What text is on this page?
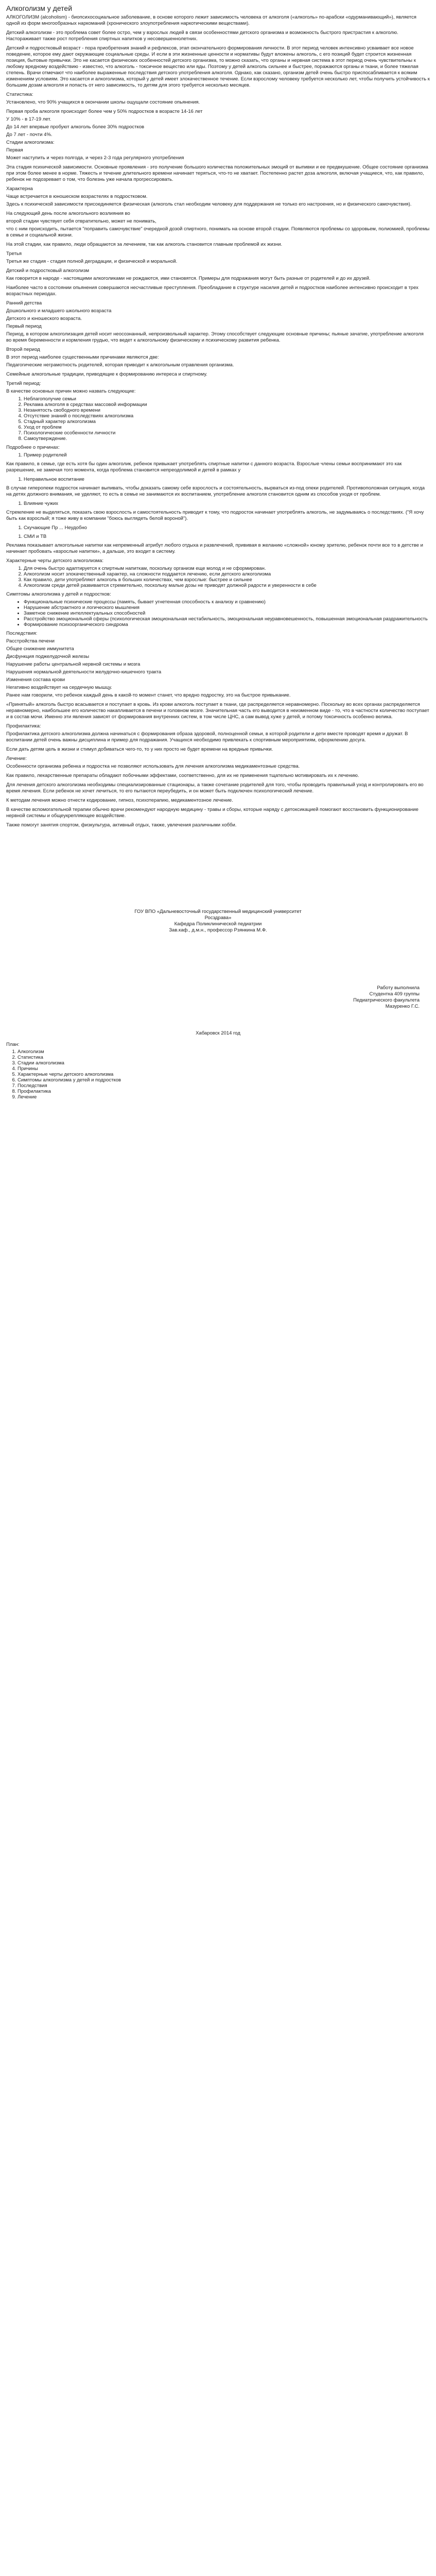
Алкоголизм у детей
АЛКОГОЛИЗМ (alcoholism) - биопсихосоциальное заболевание, в основе которого лежит зависимость человека от алкоголя («алкоголь» по-арабски «одурманивающий»), является одной из форм многообразных наркоманий (хронического злоупотребления наркотическими веществами).
Детский алкоголизм - это проблема совет более остро, чем у взрослых людей в связи особенностями детского организма и возможность быстрого пристрастия к алкоголю. Настораживает также рост потребления спиртных напитков у несовершеннолетних.
Детский и подростковый возраст - пора приобретения знаний и рефлексов, этап окончательного формирования личности. В этот период человек интенсивно усваивает все новое поведение, которое ему дают окружающие социальные среды. И если в эти жизненные ценности и нормативы будут вложены алкоголь, с его позиций будет строится жизненная позиция, бытовые привычки. Это не касается физических особенностей детского организма, то можно сказать, что органы и нервная система в этот период очень чувствительны к любому вредному воздействию - известно, что алкоголь - токсичное вещество или яды. Поэтому у детей алкоголь сильнее и быстрее, поражаются органы и ткани, и более тяжелая степень. Врачи отмечают что наиболее выраженные последствия детского употребления алкоголя. Однако, как сказано, организм детей очень быстро приспосабливается к всяким изменениям условиям. Это касается и алкоголизма, который у детей имеет злокачественное течение. Если взрослому человеку требуется несколько лет, чтобы получить устойчивость к большим дозам алкоголя и попасть от него зависимость, то детям для этого требуется несколько месяцев.
Статистика:
Установлено, что 90% учащихся в окончании школы ощущали состояние опьянения.
Первая проба алкоголя происходит более чем у 50% подростков в возрасте 14-16 лет
У 10% - в 17-19 лет.
До 14 лет впервые пробуют алкоголь более 30% подростков
До 7 лет - почти 4%.
Стадии алкоголизма:
Первая
Может наступить и через полгода, и через 2-3 года регулярного употребления
Эта стадия психической зависимости. Основные проявления - это получение большого количества положительных эмоций от выпивки и ее предвкушение. Общее состояние организма при этом более менее в норме. Тяжесть и течение длительного времени начинает теряться, что-то не хватает. Постепенно растет доза алкоголя, включая учащиеся, что, как правило, ребенок не подозревает о том, что болезнь уже начала прогрессировать.
Характерна
Чаще встречается в юношеском возрастелях в подростковом.
Здесь к психической зависимости присоединяется физическая (алкоголь стал необходим человеку для поддержания не только его настроения, но и физического самочувствия).
На следующий день после алкогольного возлияния во
второй стадии чувствует себя отвратительно, может не понимать,
что с ним происходить, пытается "поправить самочувствие" очередной дозой спиртного, понимать на основе второй стадии. Появляются проблемы со здоровьем, полиомией, проблемы в семье и социальной жизни.
На этой стадии, как правило, люди обращаются за лечением, так как алкоголь становится главным проблемой их жизни.
Третья
Третья же стадия - стадия полной деградации, и физической и моральной.
Детский и подростковый алкоголизм
Как говорится в народе - настоящими алкоголиками не рождаются, ими становятся. Примеры для подражания могут быть разные от родителей и до их друзей.
Наиболее часто в состоянии опьянения совершаются несчастливые преступления. Преобладание в структуре насилия детей и подростков наиболее интенсивно происходит в трех возрастных периодах.
Ранний детства
Дошкольного и младшего школьного возраста
Детского и юношеского возраста.
Первый период
Период, в котором алкоголизация детей носит неосознанный, непроизвольный характер. Этому способствует следующие основные причины; пьяные зачатие, употребление алкоголя во время беременности и кормления грудью, что ведет к алкогольному физическому и психическому развития ребенка.
Второй период
В этот период наиболее существенными причинами являются две:
Педагогические неграмотность родителей, которая приводит к алкогольным отравления организма.
Семейные алкогольные традиции, приводящие к формированию интереса и спиртному.
Третий период:
В качестве основных причин можно назвать следующие:
1. Неблагополучие семьи
2. Реклама алкоголя в средствах массовой информации
3. Незанятость свободного времени
4. Отсутствие знаний о последствиях алкоголизма
5. Стадный характер алкоголизма
6. Уход от проблем
7. Психологические особенности личности
8. Самоутверждение.
Подробнее о причинах:
1. Пример родителей
Как правило, в семье, где есть хотя бы один алкоголик, ребенок привыкает употреблять спиртные напитки с данного возраста. Взрослые члены семьи воспринимают это как разрешение, не замечая того момента, когда проблема становится непреодолимой и детей в рамках у
1. Неправильное воспитание
В случае гиперопеки подросток начинает выпивать, чтобы доказать самому себе взрослость и состоятельность, вырваться из-под опеки родителей. Противоположная ситуация, когда на детях должного внимания, не уделяют, то есть в семье не занимаются их воспитанием, употребление алкоголя становится одним из способов уходя от проблем.
1. Влияние чужих
Стремление не выделяться, показать свою взрослость и самостоятельность приводит к тому, что подросток начинает употреблять алкоголь, не задумываясь о последствиях. ("Я хочу быть как взрослый; я тоже живу в компании "боюсь выглядеть белой вороной").
1. Скучающие Пр ... Неудобно
1. СМИ и ТВ
Реклама показывает алкогольные напитки как непременный атрибут любого отдыха и развлечений, прививая в желанию «сложной» юному зрителю, ребенок почти все то в детстве и начинает пробовать «взрослые напитки», а дальше, это входит в систему.
Характерные черты детского алкоголизма:
1. Для очень быстро адаптируется к спиртным напиткам, поскольку организм еще молод и не сформирован.
2. Алкоголизм носит злокачественный характер, на сложности поддается лечению, если детского алкоголизма
3. Как правило, дети употребляют алкоголь в больших количествах, чем взрослые: быстрее и сильнее
4. Алкоголизм среди детей развивается стремительно, поскольку малые дозы не приводят должной радости и уверенности в себе
Симптомы алкоголизма у детей и подростков:
• Функциональные психические процессы (память, бывает угнетенная способность к анализу и сравнению)
• Нарушение абстрактного и логического мышления
• Заметное снижение интеллектуальных способностей
• Расстройство эмоциональной сферы (психологическая эмоциональная нестабильность, эмоциональная неуравновешенность, повышенная эмоциональная раздражительность
• Формирование психоорганического синдрома
Последствия:
Расстройства печени
Общее снижение иммунитета
Дисфункция поджелудочной железы
Нарушение работы центральной нервной системы и мозга
Нарушения нормальной деятельности желудочно-кишечного тракта
Изменения состава крови
Негативно воздействует на сердечную мышцу.
Ранее нам говорили, что ребенок каждый день в какой-то момент станет, что вредно подростку, это на быстрое привыкание.
«Принятый» алкоголь быстро всасывается и поступает в кровь. Из крови алкоголь поступает в ткани, где распределяется неравномерно. Поскольку во всех органах распределяется неравномерно, наибольшее его количество накапливается в печени и головном мозге. Значительная часть его выводится в неизменном виде - то, что в частности количество поступает и в состав мочи. Именно эти явления зависят от формирования внутренних систем, в том числе ЦНС, а сам вывод хуже у детей, и потому токсичность особенно велика.
Профилактика:
Профилактика детского алкоголизма должна начинаться с формирования образа здоровой, полноценной семьи, в которой родители и дети вместе проводят время и дружат. В воспитании детей очень важны дисциплина и пример для подражания. Учащихся необходимо привлекать к спортивным мероприятиям, оформлению досуга.
Если дать детям цель в жизни и стимул добиваться чего-то, то у них просто не будет времени на вредные привычки.
Лечение:
Особенности организма ребенка и подростка не позволяют использовать для лечения алкоголизма медикаментозные средства.
Как правило, лекарственные препараты обладают побочными эффектами, соответственно, для их не применения тщательно мотивировать их к лечению.
Для лечения детского алкоголизма необходимы специализированные стационары, а также сочетание родителей для того, чтобы проводить правильный уход и контролировать его во время лечения. Если ребенок не хочет лечиться, то его пытаются переубедить, и он может быть подключен психологический лечение.
К методам лечения можно отнести кодирование, гипноз, психотерапию, медикаментозное лечение.
В качестве вспомогательной терапии обычно врачи рекомендуют народную медицину - травы и сборы, которые наряду с детоксикацией помогают восстановить функционирование нервной системы и общеукрепляющее воздействие.
Также помогут занятия спортом, физкультура, активный отдых, также, увлечения различными хобби.
ГОУ ВПО «Дальневосточный государственный медицинский университет
Росздрава»
Кафедра Поликлинической педиатрии
Зав.каф., д.м.н., профессор Рзянкина М.Ф.
Работу выполнила
Студентка 409 группы
Педиатрического факультета
Мазуренко Г.С.
Хабаровск 2014 год
План:
1. Алкоголизм
2. Статистика
3. Стадии алкоголизма
4. Причины
5. Характерные черты детского алкоголизма
6. Симптомы алкоголизма у детей и подростков
7. Последствия
8. Профилактика
9. Лечение
